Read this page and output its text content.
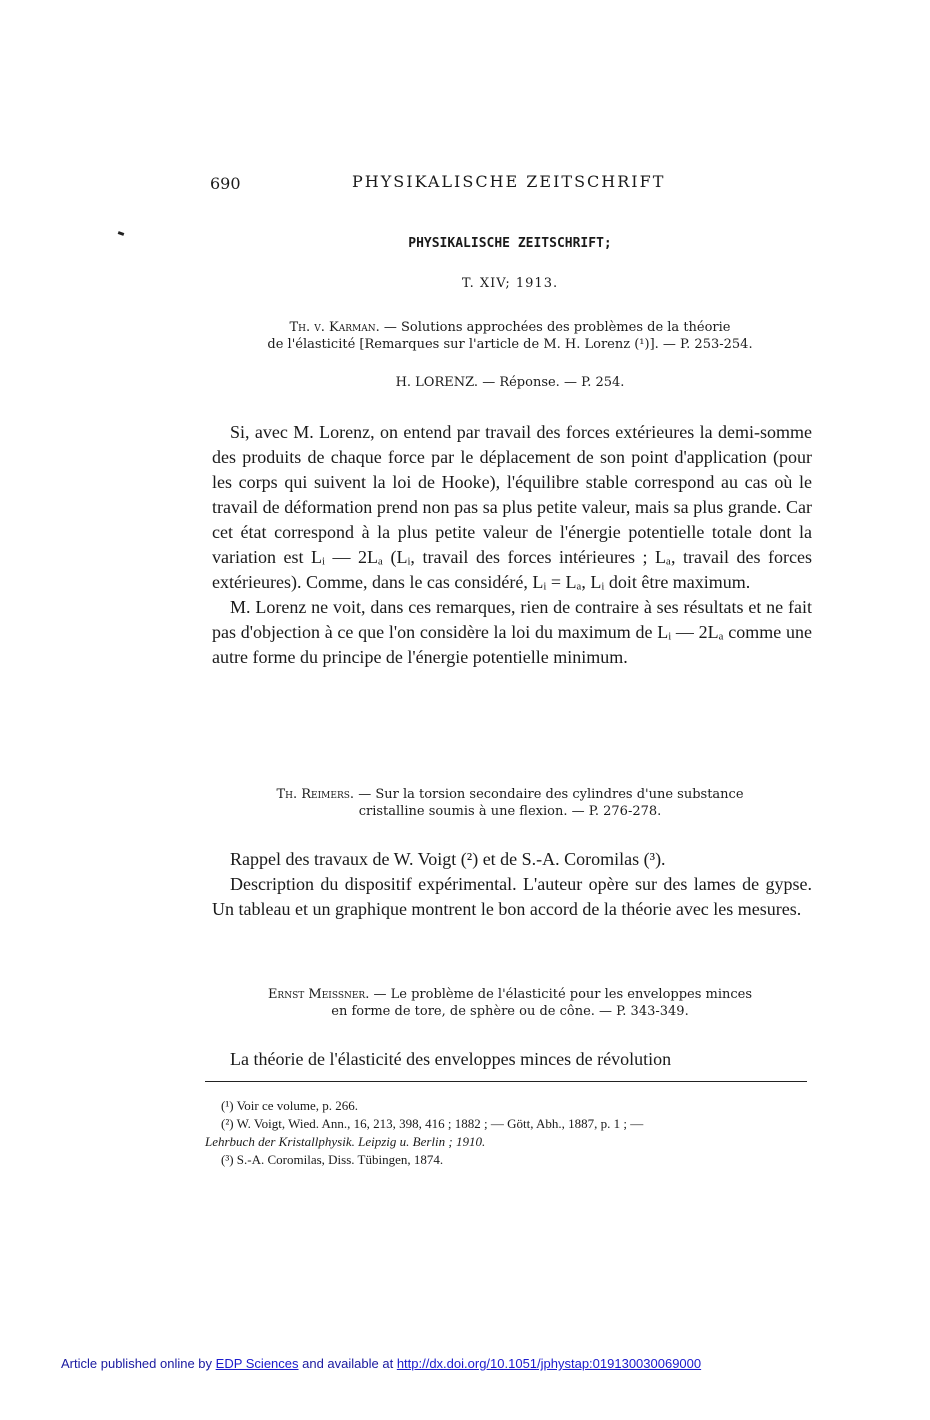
690	PHYSIKALISCHE ZEITSCHRIFT
PHYSIKALISCHE ZEITSCHRIFT;
T. XIV; 1913.
Th. v. Karman. — Solutions approchées des problèmes de la théorie
de l'élasticité [Remarques sur l'article de M. H. Lorenz (¹)]. — P. 253-254.
H. LORENZ. — Réponse. — P. 254.

Si, avec M. Lorenz, on entend par travail des forces extérieures la demi-somme des produits de chaque force par le déplacement de son point d'application (pour les corps qui suivent la loi de Hooke), l'équilibre stable correspond au cas où le travail de déformation prend non pas sa plus petite valeur, mais sa plus grande. Car cet état correspond à la plus petite valeur de l'énergie potentielle totale dont la variation est Lᵢ — 2Lₐ (Lᵢ, travail des forces intérieures ; Lₐ, travail des forces extérieures). Comme, dans le cas considéré, Lᵢ = Lₐ, Lᵢ doit être maximum.

M. Lorenz ne voit, dans ces remarques, rien de contraire à ses résultats et ne fait pas d'objection à ce que l'on considère la loi du maximum de Lᵢ — 2Lₐ comme une autre forme du principe de l'énergie potentielle minimum.

Th. Reimers. — Sur la torsion secondaire des cylindres d'une substance
cristalline soumis à une flexion. — P. 276-278.

Rappel des travaux de W. Voigt (²) et de S.-A. Coromilas (³).

Description du dispositif expérimental. L'auteur opère sur des lames de gypse. Un tableau et un graphique montrent le bon accord de la théorie avec les mesures.

Ernst Meissner. — Le problème de l'élasticité pour les enveloppes minces
en forme de tore, de sphère ou de cône. — P. 343-349.

La théorie de l'élasticité des enveloppes minces de révolution

(¹) Voir ce volume, p. 266.
(²) W. Voigt, Wied. Ann., 16, 213, 398, 416 ; 1882 ; — Gött, Abh., 1887, p. 1 ; —
Lehrbuch der Kristallphysik. Leipzig u. Berlin ; 1910.
(³) S.-A. Coromilas, Diss. Tübingen, 1874.
Article published online by EDP Sciences and available at http://dx.doi.org/10.1051/jphystap:019130030069000
